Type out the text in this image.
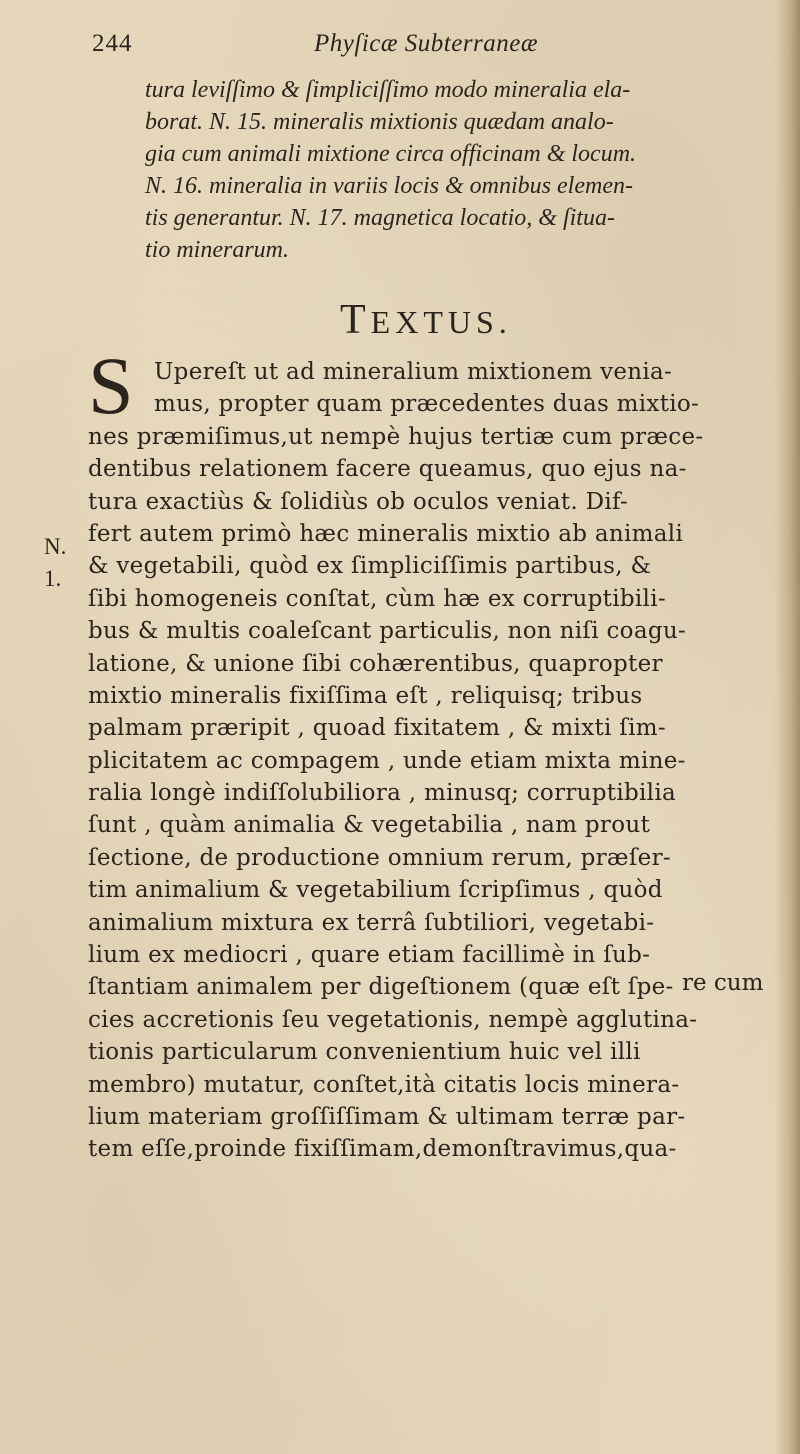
244	Phyſicæ Subterraneæ
tura leviſſimo & ſimpliciſſimo modo mineralia ela-
borat. N. 15. mineralis mixtionis quædam analo-
gia cum animali mixtione circa officinam & locum.
N. 16. mineralia in variis locis & omnibus elemen-
tis generantur. N. 17. magnetica locatio, & ſitua-
tio minerarum.
TEXTUS.
S Upereſt ut ad mineralium mixtionem venia-
mus, propter quam præcedentes duas mixtio-
nes præmiſimus,ut nempè hujus tertiæ cum præce-
dentibus relationem facere queamus, quo ejus na-
tura exactiùs & ſolidiùs ob oculos veniat. Dif-
fert autem primò hæc mineralis mixtio ab animali
& vegetabili, quòd ex ſimpliciſſimis partibus, &
ſibi homogeneis conſtat, cùm hæ ex corruptibili-
bus & multis coaleſcant particulis, non niſi coagu-
latione, & unione ſibi cohærentibus, quapropter
mixtio mineralis fixiſſima eſt , reliquisq; tribus
palmam præripit , quoad fixitatem , & mixti ſim-
plicitatem ac compagem , unde etiam mixta mine-
ralia longè indiſſolubiliora , minusq; corruptibilia
ſunt , quàm animalia & vegetabilia , nam prout
ſectione, de productione omnium rerum, præſer-
tim animalium & vegetabilium ſcripſimus , quòd
animalium mixtura ex terrâ ſubtiliori, vegetabi-
lium ex mediocri , quare etiam facillimè in ſub-
ſtantiam animalem per digeſtionem (quæ eſt ſpe-
cies accretionis ſeu vegetationis, nempè agglutina-
tionis particularum convenientium huic vel illi
membro) mutatur, conſtet,ità citatis locis minera-
lium materiam groſſiſſimam & ultimam terræ par-
tem eſſe,proinde fixiſſimam,demonſtravimus,qua-
N.
1.
re cum
